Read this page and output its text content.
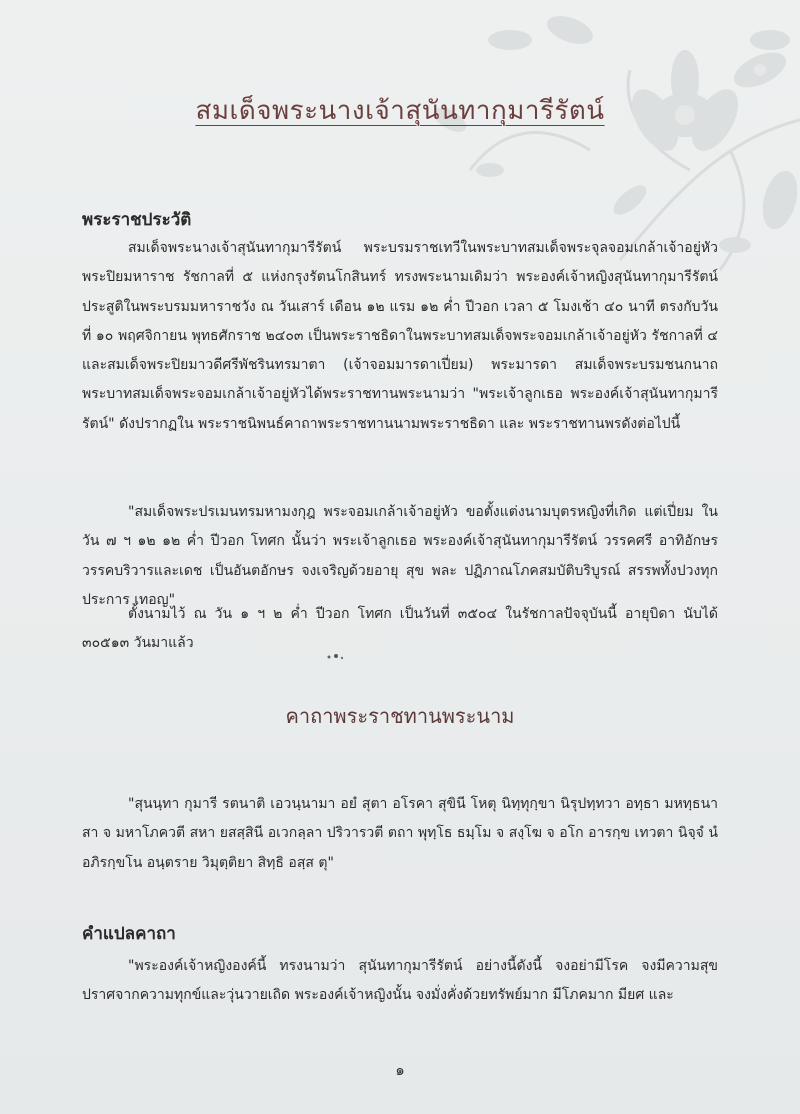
สมเด็จพระนางเจ้าสุนันทากุมารีรัตน์
พระราชประวัติ

สมเด็จพระนางเจ้าสุนันทากุมารีรัตน์ พระบรมราชเทวีในพระบาทสมเด็จพระจุลจอมเกล้าเจ้าอยู่หัว พระปิยมหาราช รัชกาลที่ ๕ แห่งกรุงรัตนโกสินทร์ ทรงพระนามเดิมว่า พระองค์เจ้าหญิงสุนันทากุมารีรัตน์ ประสูติในพระบรมมหาราชวัง ณ วันเสาร์ เดือน ๑๒ แรม ๑๒ ค่ำ ปีวอก เวลา ๕ โมงเช้า ๔๐ นาที ตรงกับวันที่ ๑๐ พฤศจิกายน พุทธศักราช ๒๔๐๓ เป็นพระราชธิดาในพระบาทสมเด็จพระจอมเกล้าเจ้าอยู่หัว รัชกาลที่ ๔ และสมเด็จพระปิยมาวดีศรีพัชรินทรมาตา (เจ้าจอมมารดาเปี่ยม) พระมารดา สมเด็จพระบรมชนกนาถพระบาทสมเด็จพระจอมเกล้าเจ้าอยู่หัวได้พระราชทานพระนามว่า "พระเจ้าลูกเธอ พระองค์เจ้าสุนันทากุมารีรัตน์" ดังปรากฏใน พระราชนิพนธ์คาถาพระราชทานนามพระราชธิดา และ พระราชทานพรดังต่อไปนี้

"สมเด็จพระปรเมนทรมหามงกุฎ พระจอมเกล้าเจ้าอยู่หัว ขอตั้งแต่งนามบุตรหญิงที่เกิด แต่เปี่ยม ในวัน ๗ ฯ ๑๒ ๑๒ ค่ำ ปีวอก โทศก นั้นว่า พระเจ้าลูกเธอ พระองค์เจ้าสุนันทากุมารีรัตน์ วรรคศรี อาทิอักษร วรรคบริวารและเดช เป็นอันตอักษร จงเจริญด้วยอายุ สุข พละ ปฏิภาณโภคสมบัติบริบูรณ์ สรรพทั้งปวงทุกประการ เทอญ"

ตั้งนามไว้ ณ วัน ๑ ฯ ๒ ค่ำ ปีวอก โทศก เป็นวันที่ ๓๕๐๔ ในรัชกาลปัจจุบันนี้ อายุบิดา นับได้ ๓๐๕๑๓ วันมาแล้ว

คาถาพระราชทานพระนาม

"สุนนฺทา กุมารี รตนาติ เอวนฺนามา อยํ สุตา อโรคา สุขินี โหตุ นิทฺทุกฺขา นิรุปทฺทวา อทฺธา มหทฺธนา สา จ มหาโภควตี สหา ยสสฺสินี อเวกลฺลา ปริวารวตี ตถา พุทฺโธ ธมฺโม จ สงฺโฆ จ อโก อารกฺข เทวตา นิจฺจํ นํ อภิรกฺขโน อนฺตราย วิมุตฺติยา สิทฺธิ อสฺส ตุ"

คำแปลคาถา

"พระองค์เจ้าหญิงองค์นี้ ทรงนามว่า สุนันทากุมารีรัตน์ อย่างนี้ดังนี้ จงอย่ามีโรค จงมีความสุข ปราศจากความทุกข์และวุ่นวายเถิด พระองค์เจ้าหญิงนั้น จงมั่งคั่งด้วยทรัพย์มาก มีโภคมาก มียศ และ

๑
